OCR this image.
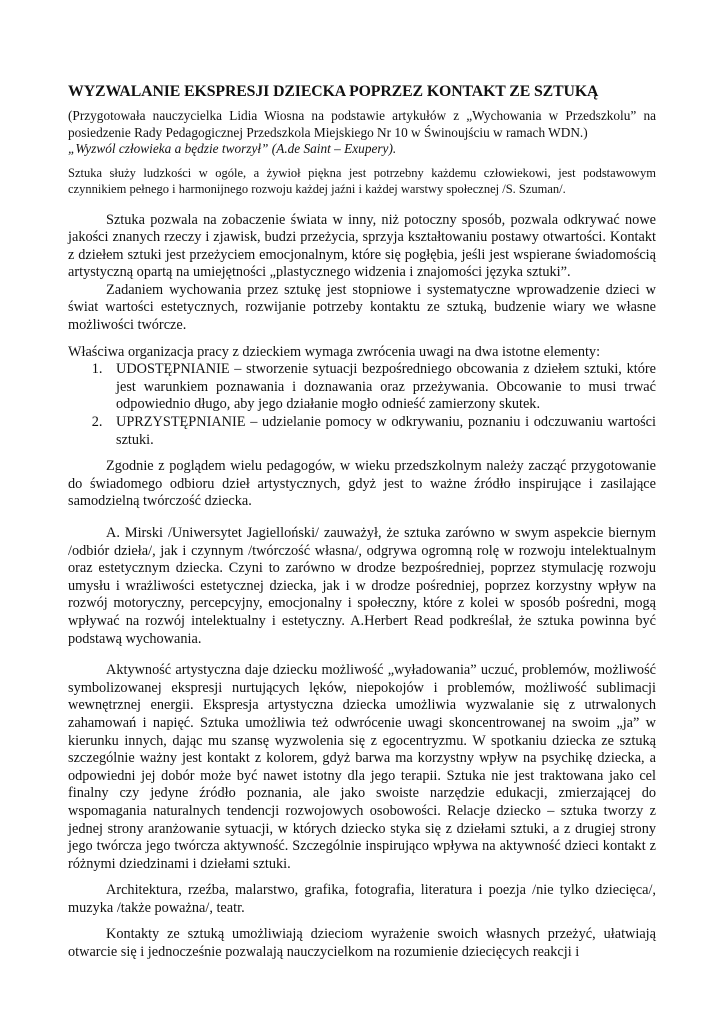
WYZWALANIE EKSPRESJI DZIECKA POPRZEZ KONTAKT ZE SZTUKĄ

(Przygotowała nauczycielka Lidia Wiosna na podstawie artykułów z „Wychowania w Przedszkolu” na posiedzenie Rady Pedagogicznej Przedszkola Miejskiego Nr 10 w Świnoujściu w ramach WDN.)
„Wyzwól człowieka a będzie tworzył” (A.de Saint – Exupery).

Sztuka służy ludzkości w ogóle, a żywioł piękna jest potrzebny każdemu człowiekowi, jest podstawowym czynnikiem pełnego i harmonijnego rozwoju każdej jaźni i każdej warstwy społecznej /S. Szuman/.

Sztuka pozwala na zobaczenie świata w inny, niż potoczny sposób, pozwala odkrywać nowe jakości znanych rzeczy i zjawisk, budzi przeżycia, sprzyja kształtowaniu postawy otwartości. Kontakt z dziełem sztuki jest przeżyciem emocjonalnym, które się pogłębia, jeśli jest wspierane świadomością artystyczną opartą na umiejętności „plastycznego widzenia i znajomości języka sztuki”.

Zadaniem wychowania przez sztukę jest stopniowe i systematyczne wprowadzenie dzieci w świat wartości estetycznych, rozwijanie potrzeby kontaktu ze sztuką, budzenie wiary we własne możliwości twórcze.

Właściwa organizacja pracy z dzieckiem wymaga zwrócenia uwagi na dwa istotne elementy:

1. UDOSTĘPNIANIE – stworzenie sytuacji bezpośredniego obcowania z dziełem sztuki, które jest warunkiem poznawania i doznawania oraz przeżywania. Obcowanie to musi trwać odpowiednio długo, aby jego działanie mogło odnieść zamierzony skutek.
2. UPRZYSTĘPNIANIE – udzielanie pomocy w odkrywaniu, poznaniu i odczuwaniu wartości sztuki.

Zgodnie z poglądem wielu pedagogów, w wieku przedszkolnym należy zacząć przygotowanie do świadomego odbioru dzieł artystycznych, gdyż jest to ważne źródło inspirujące i zasilające samodzielną twórczość dziecka.

A. Mirski /Uniwersytet Jagielloński/ zauważył, że sztuka zarówno w swym aspekcie biernym /odbiór dzieła/, jak i czynnym /twórczość własna/, odgrywa ogromną rolę w rozwoju intelektualnym oraz estetycznym dziecka. Czyni to zarówno w drodze bezpośredniej, poprzez stymulację rozwoju umysłu i wrażliwości estetycznej dziecka, jak i w drodze pośredniej, poprzez korzystny wpływ na rozwój motoryczny, percepcyjny, emocjonalny i społeczny, które z kolei w sposób pośredni, mogą wpływać na rozwój intelektualny i estetyczny. A.Herbert Read podkreślał, że sztuka powinna być podstawą wychowania.

Aktywność artystyczna daje dziecku możliwość „wyładowania” uczuć, problemów, możliwość symbolizowanej ekspresji nurtujących lęków, niepokojów i problemów, możliwość sublimacji wewnętrznej energii. Ekspresja artystyczna dziecka umożliwia wyzwalanie się z utrwalonych zahamowań i napięć. Sztuka umożliwia też odwrócenie uwagi skoncentrowanej na swoim „ja” w kierunku innych, dając mu szansę wyzwolenia się z egocentryzmu. W spotkaniu dziecka ze sztuką szczególnie ważny jest kontakt z kolorem, gdyż barwa ma korzystny wpływ na psychikę dziecka, a odpowiedni jej dobór może być nawet istotny dla jego terapii. Sztuka nie jest traktowana jako cel finalny czy jedyne źródło poznania, ale jako swoiste narzędzie edukacji, zmierzającej do wspomagania naturalnych tendencji rozwojowych osobowości. Relacje dziecko – sztuka tworzy z jednej strony aranżowanie sytuacji, w których dziecko styka się z dziełami sztuki, a z drugiej strony jego twórcza jego twórcza aktywność. Szczególnie inspirująco wpływa na aktywność dzieci kontakt z różnymi dziedzinami i dziełami sztuki.

Architektura, rzeźba, malarstwo, grafika, fotografia, literatura i poezja /nie tylko dziecięca/, muzyka /także poważna/, teatr.

Kontakty ze sztuką umożliwiają dzieciom wyrażenie swoich własnych przeżyć, ułatwiają otwarcie się i jednocześnie pozwalają nauczycielkom na rozumienie dziecięcych reakcji i
